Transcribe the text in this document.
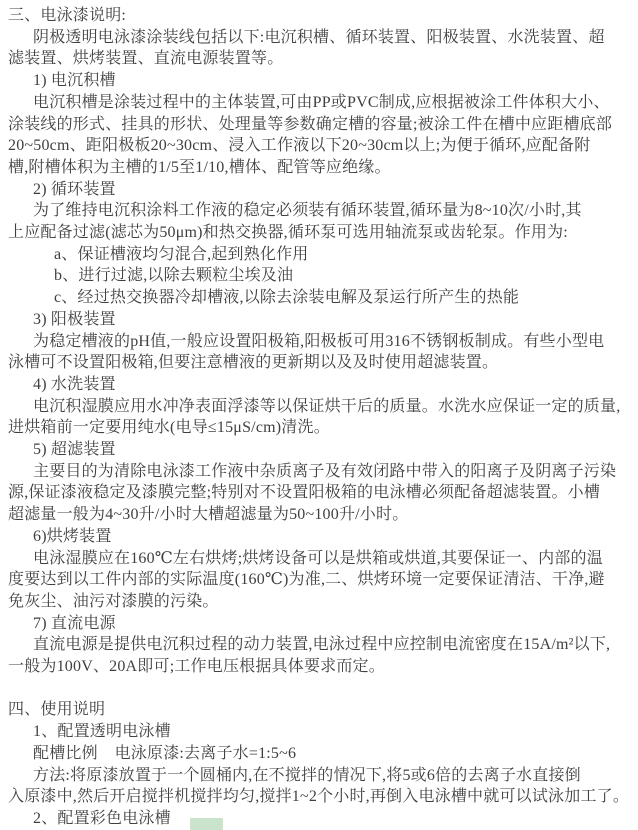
三、电泳漆说明:
阴极透明电泳漆涂装线包括以下:电沉积槽、循环装置、阳极装置、水洗装置、超
滤装置、烘烤装置、直流电源装置等。
1) 电沉积槽
电沉积槽是涂装过程中的主体装置,可由PP或PVC制成,应根据被涂工件体积大小、
涂装线的形式、挂具的形状、处理量等参数确定槽的容量;被涂工件在槽中应距槽底部
20~50cm、距阳极板20~30cm、浸入工作液以下20~30cm以上;为便于循环,应配备附
槽,附槽体积为主槽的1/5至1/10,槽体、配管等应绝缘。
2) 循环装置
为了维持电沉积涂料工作液的稳定必须装有循环装置,循环量为8~10次/小时,其
上应配备过滤(滤芯为50μm)和热交换器,循环泵可选用轴流泵或齿轮泵。作用为:
a、保证槽液均匀混合,起到熟化作用
b、进行过滤,以除去颗粒尘埃及油
c、经过热交换器冷却槽液,以除去涂装电解及泵运行所产生的热能
3) 阳极装置
为稳定槽液的pH值,一般应设置阳极箱,阳极板可用316不锈钢板制成。有些小型电
泳槽可不设置阳极箱,但要注意槽液的更新期以及及时使用超滤装置。
4) 水洗装置
电沉积湿膜应用水冲净表面浮漆等以保证烘干后的质量。水洗水应保证一定的质量,
进烘箱前一定要用纯水(电导≤15μS/cm)清洗。
5) 超滤装置
主要目的为清除电泳漆工作液中杂质离子及有效闭路中带入的阳离子及阴离子污染
源,保证漆液稳定及漆膜完整;特别对不设置阳极箱的电泳槽必须配备超滤装置。小槽
超滤量一般为4~30升/小时大槽超滤量为50~100升/小时。
6)烘烤装置
电泳湿膜应在160℃左右烘烤;烘烤设备可以是烘箱或烘道,其要保证一、内部的温
度要达到以工件内部的实际温度(160℃)为准,二、烘烤环境一定要保证清洁、干净,避
免灰尘、油污对漆膜的污染。
7) 直流电源
直流电源是提供电沉积过程的动力装置,电泳过程中应控制电流密度在15A/m²以下,
一般为100V、20A即可;工作电压根据具体要求而定。
四、使用说明
1、配置透明电泳槽
配槽比例    电泳原漆:去离子水=1:5~6
方法:将原漆放置于一个圆桶内,在不搅拌的情况下,将5或6倍的去离子水直接倒
入原漆中,然后开启搅拌机搅拌均匀,搅拌1~2个小时,再倒入电泳槽中就可以试泳加工了。
2、配置彩色电泳槽
